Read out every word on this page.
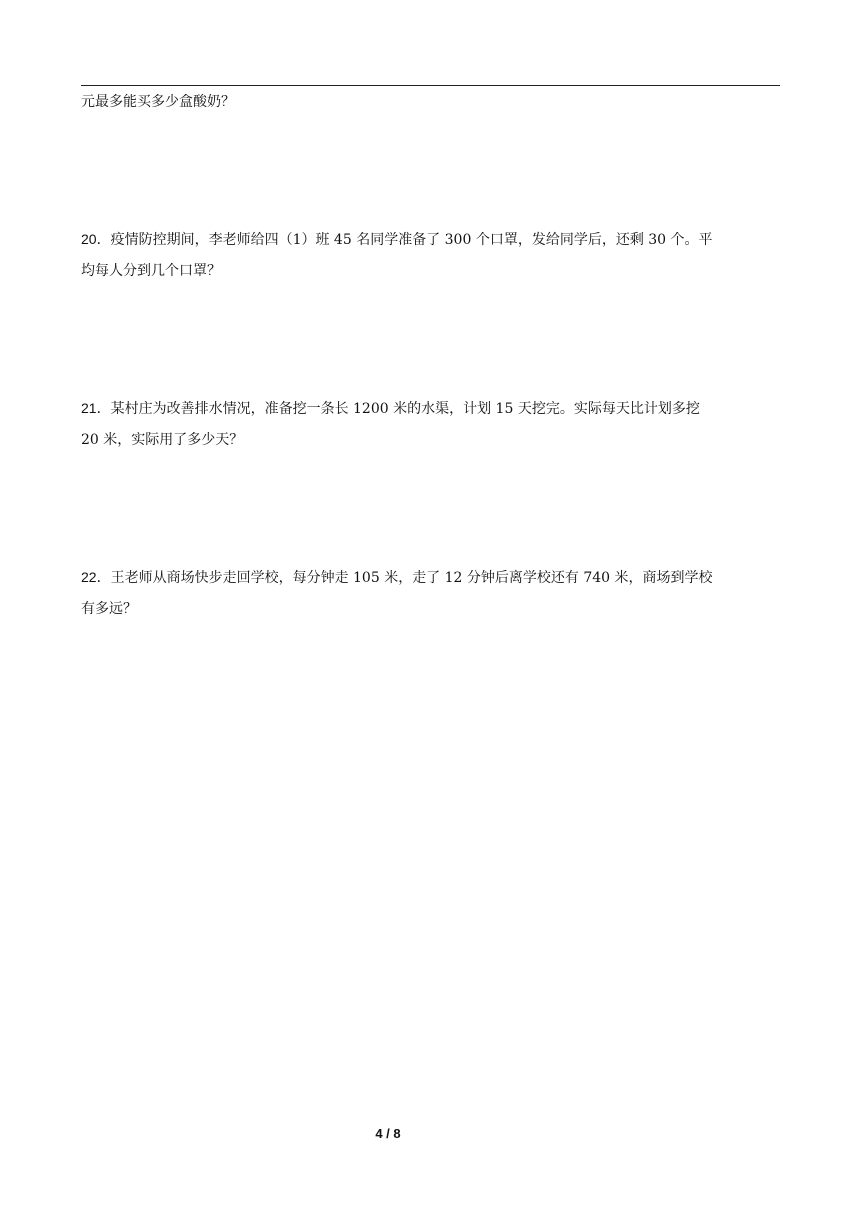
元最多能买多少盒酸奶？
20．疫情防控期间，李老师给四（1）班 45 名同学准备了 300 个口罩，发给同学后，还剩 30 个。平
均每人分到几个口罩？
21．某村庄为改善排水情况，准备挖一条长 1200 米的水渠，计划 15 天挖完。实际每天比计划多挖
20 米，实际用了多少天？
22．王老师从商场快步走回学校，每分钟走 105 米，走了 12 分钟后离学校还有 740 米，商场到学校
有多远？
4 / 8
